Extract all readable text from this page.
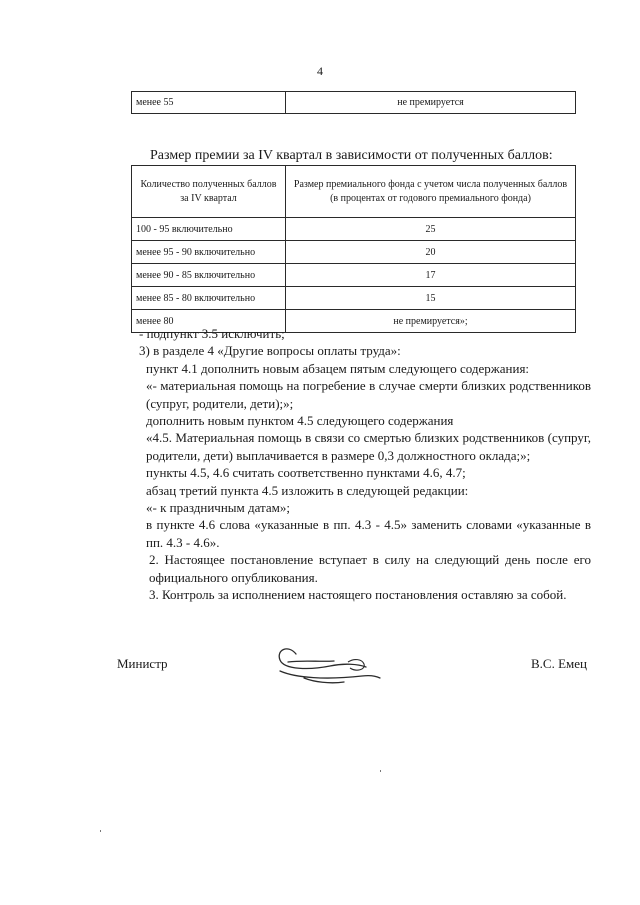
4
менее 55	не премируется
Размер премии за IV квартал в зависимости от полученных баллов:
Количество полученных баллов за IV квартал	Размер премиального фонда с учетом числа полученных баллов (в процентах от годового премиального фонда)
100 - 95 включительно	25
менее 95 - 90 включительно	20
менее 90 - 85 включительно	17
менее 85 - 80 включительно	15
менее 80	не премируется»;

- подпункт 3.5 исключить;

3) в разделе 4 «Другие вопросы оплаты труда»:

пункт 4.1 дополнить новым абзацем пятым следующего содержания:

«- материальная помощь на погребение в случае смерти близких родственников (супруг, родители, дети);»;

дополнить новым пунктом 4.5 следующего содержания

«4.5. Материальная помощь в связи со смертью близких родственников (супруг, родители, дети) выплачивается в размере 0,3 должностного оклада;»;

пункты 4.5, 4.6 считать соответственно пунктами 4.6, 4.7;

абзац третий пункта 4.5 изложить в следующей редакции:

«- к праздничным датам»;

в пункте 4.6 слова «указанные в пп. 4.3 - 4.5» заменить словами «указанные в пп. 4.3 - 4.6».

2. Настоящее постановление вступает в силу на следующий день после его официального опубликования.

3. Контроль за исполнением настоящего постановления оставляю за собой.

Министр	В.С. Емец
